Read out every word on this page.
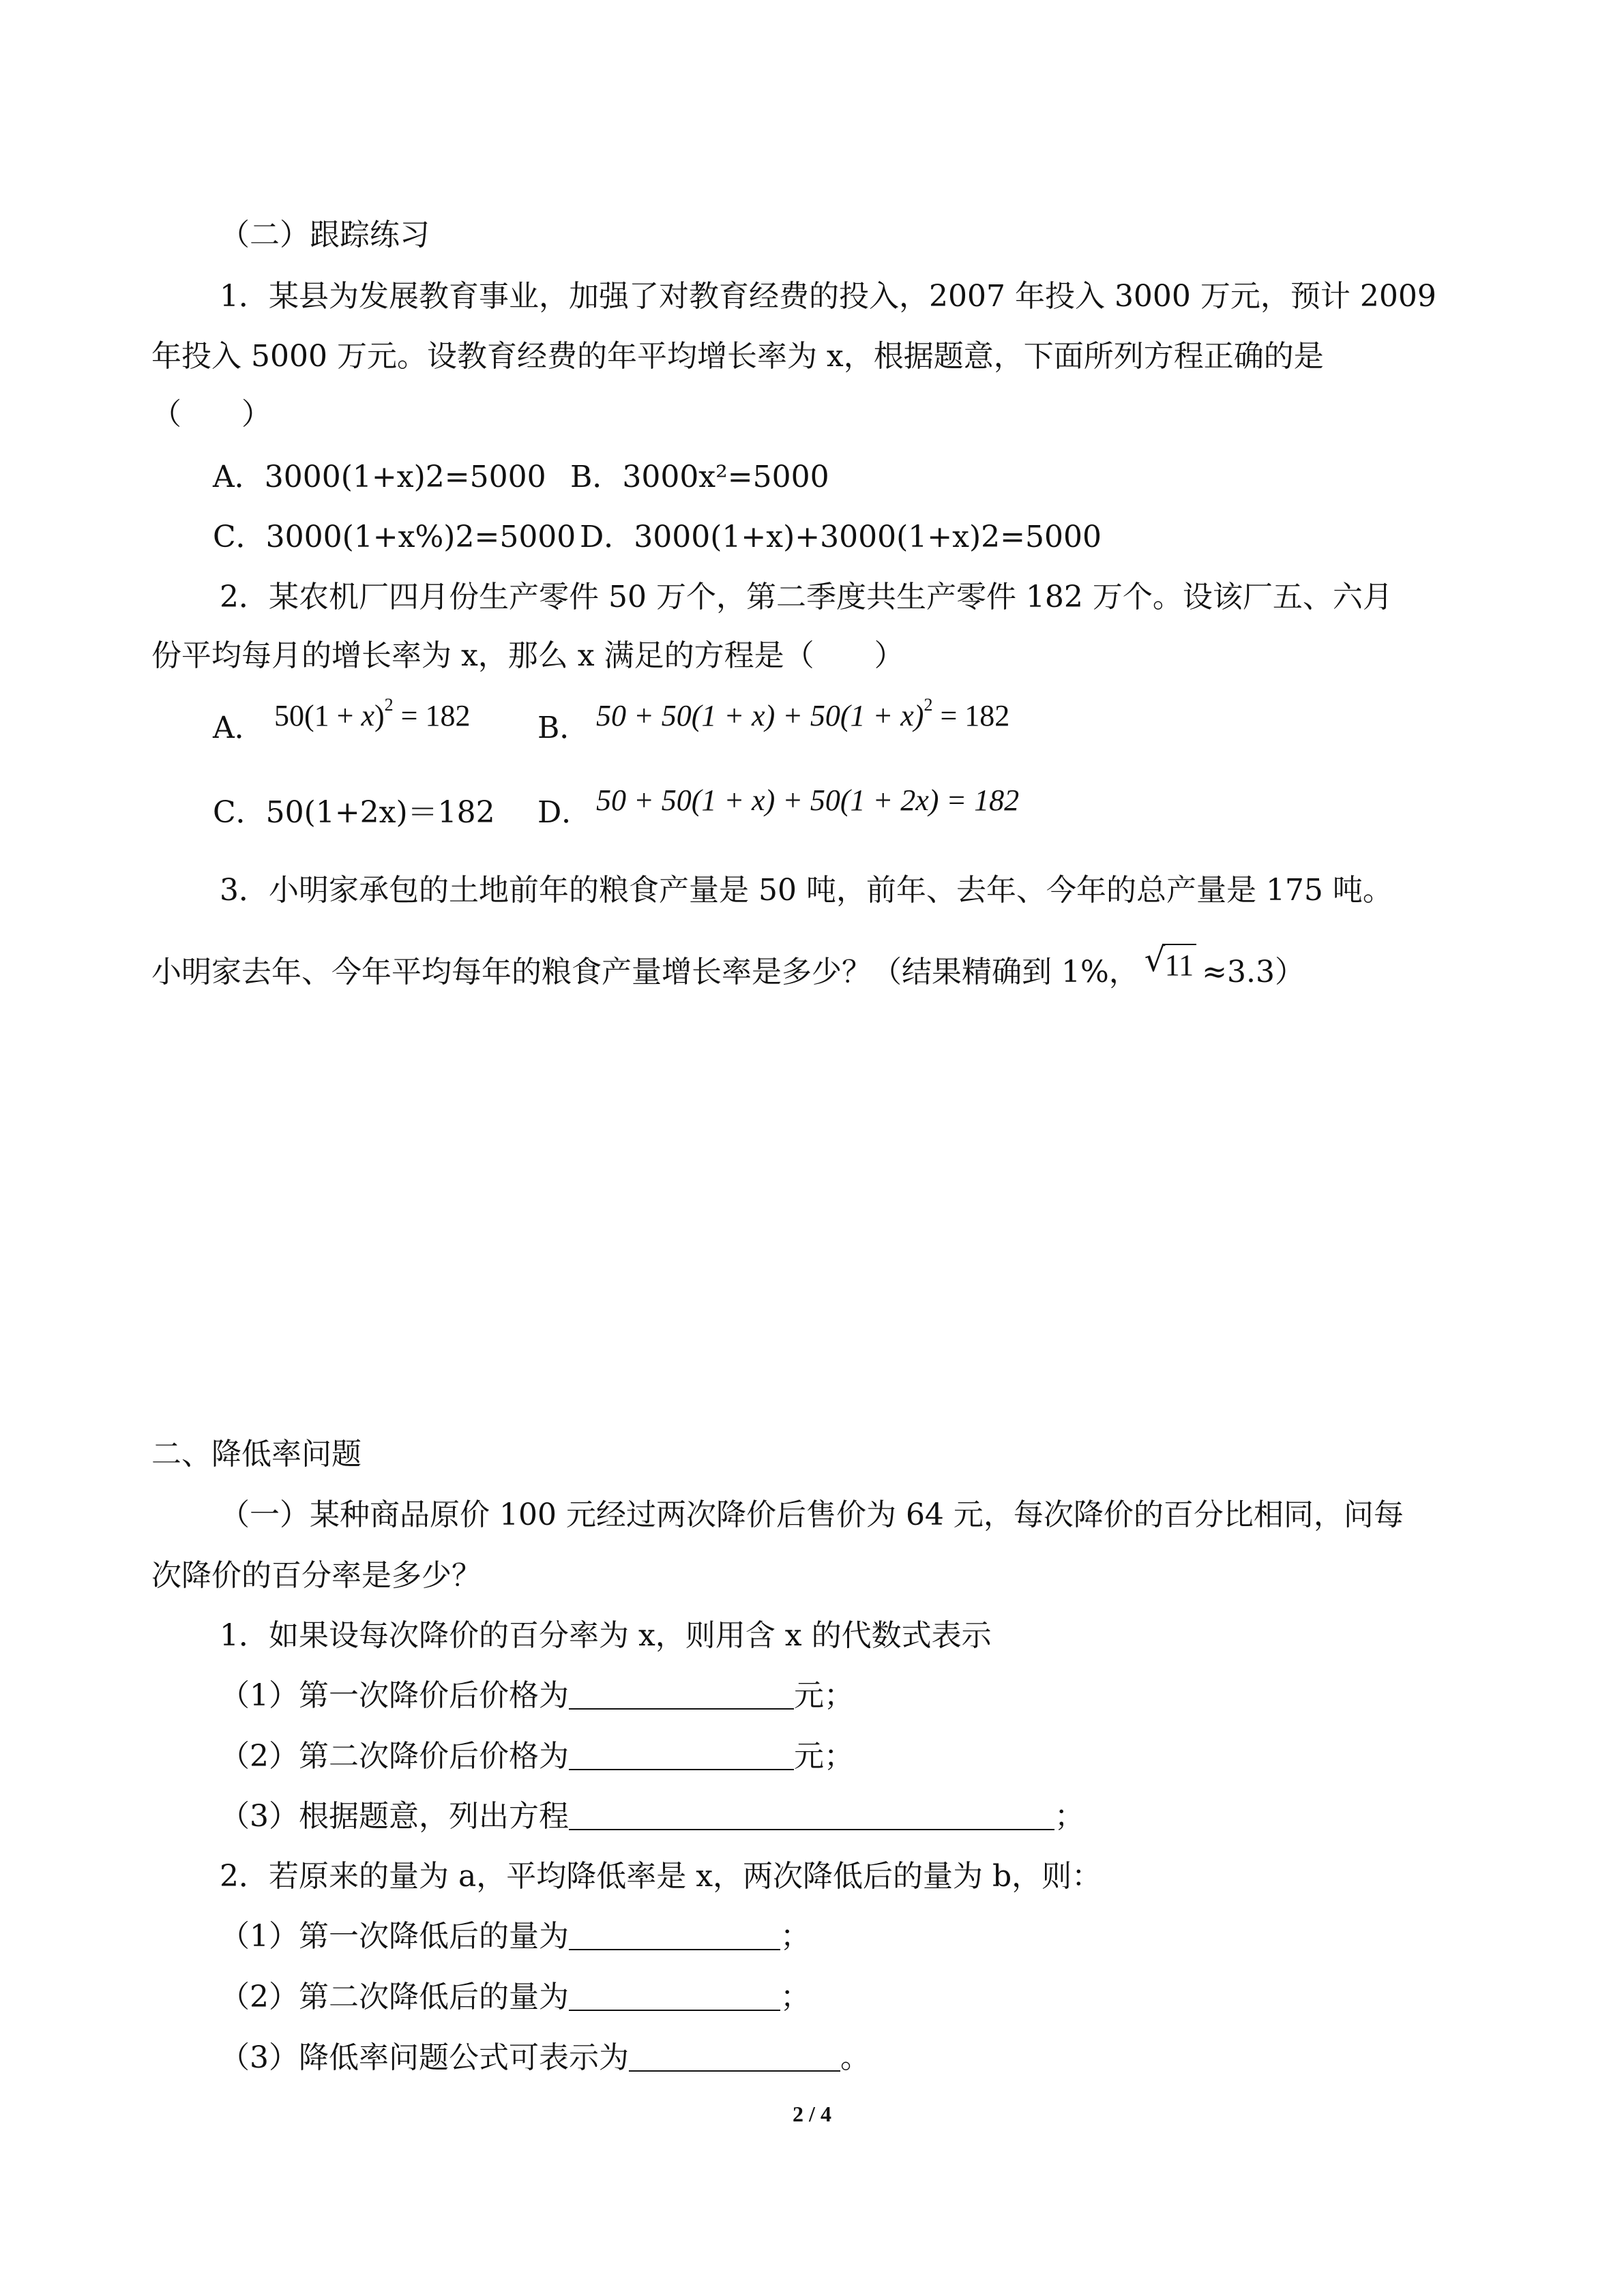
（二）跟踪练习
1．某县为发展教育事业，加强了对教育经费的投入，2007 年投入 3000 万元，预计 2009
年投入 5000 万元。设教育经费的年平均增长率为 x，根据题意，下面所列方程正确的是
（　　）
A．3000(1+x)2=5000 B．3000x²=5000
C．3000(1+x%)2=5000 D．3000(1+x)+3000(1+x)2=5000
2．某农机厂四月份生产零件 50 万个，第二季度共生产零件 182 万个。设该厂五、六月
份平均每月的增长率为 x，那么 x 满足的方程是（　　）
A． $50(1 + x)^2 = 182$ B． $50 + 50(1 + x) + 50(1 + x)^2 = 182$
C．50(1+2x)＝182 D． 50 + 50(1 + x) + 50(1 + 2x) = 182
3．小明家承包的土地前年的粮食产量是 50 吨，前年、去年、今年的总产量是 175 吨。
小明家去年、今年平均每年的粮食产量增长率是多少？（结果精确到 1%， √ 11 ≈3.3）
二、降低率问题
（一）某种商品原价 100 元经过两次降价后售价为 64 元，每次降价的百分比相同，问每
次降价的百分率是多少？
1．如果设每次降价的百分率为 x，则用含 x 的代数式表示
（1）第一次降价后价格为	元；
（2）第二次降价后价格为	元；
（3）根据题意，列出方程	；
2．若原来的量为 a，平均降低率是 x，两次降低后的量为 b，则：
（1）第一次降低后的量为	；
（2）第二次降低后的量为	；
（3）降低率问题公式可表示为	。
2 / 4
